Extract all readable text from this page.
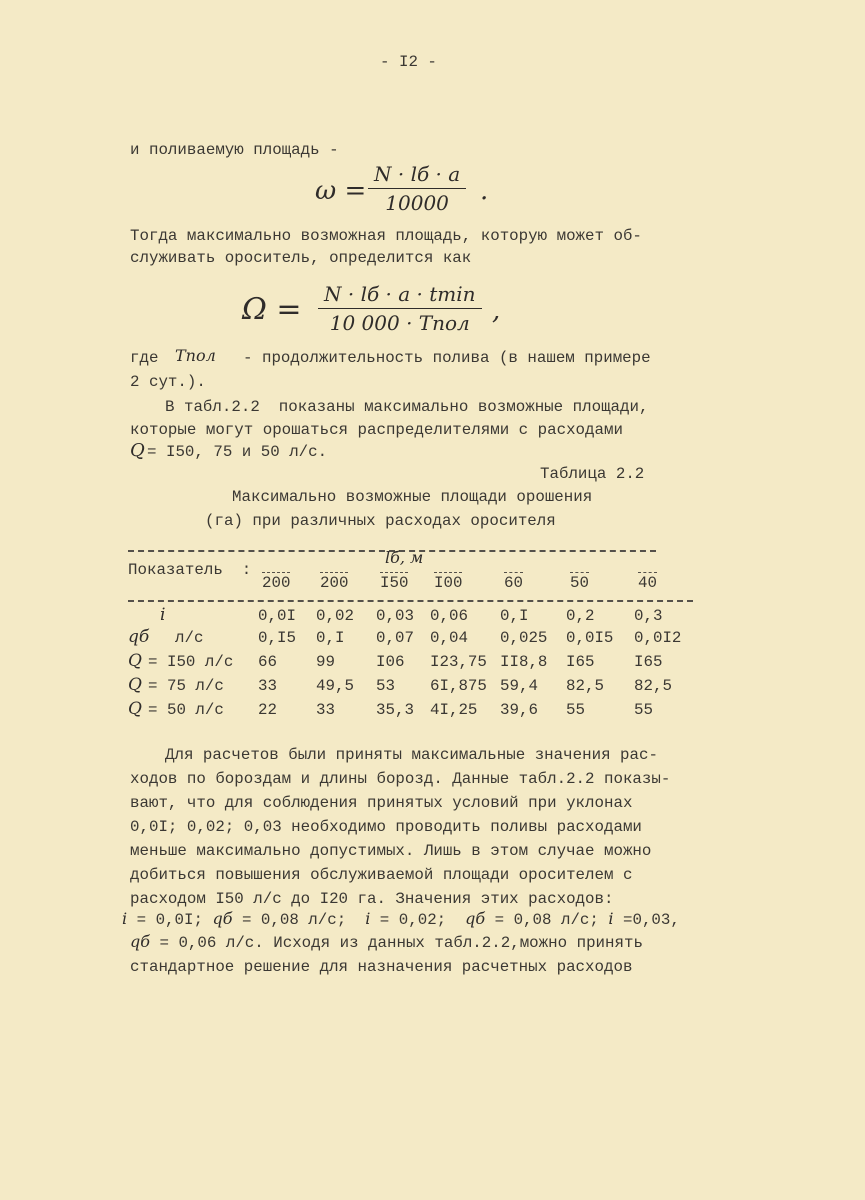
- I2 -
и поливаемую площадь -
ω =
N · lб · a
10000 .
Тогда максимально возможная площадь, которую может об-
служивать ороситель, определится как
Ω =	N · lб · a · tmin
10 000 · Tпол ,
где Tпол - продолжительность полива (в нашем примере
2 сут.).
В табл.2.2  показаны максимально возможные площади,
которые могут орошаться распределителями с расходами
Q = I50, 75 и 50 л/с.
Таблица 2.2
Максимально возможные площади орошения
(га) при различных расходах оросителя
Показатель  :
lб, м
200 200 I50 I00	60	50	40
i	0,0I 0,02 0,03 0,06 0,I 0,2	0,3
qб л/с	0,I5 0,I 0,07 0,04 0,025 0,0I5 0,0I2
Q = I50 л/с 66 99	I06 I23,75 II8,8 I65	I65
Q = 75 л/с 33 49,5 53 6I,875 59,4 82,5 82,5
Q = 50 л/с 22 33	35,3 4I,25 39,6 55	55
Для расчетов были приняты максимальные значения рас-
ходов по бороздам и длины борозд. Данные табл.2.2 показы-
вают, что для соблюдения принятых условий при уклонах
0,0I; 0,02; 0,03 необходимо проводить поливы расходами
меньше максимально допустимых. Лишь в этом случае можно
добиться повышения обслуживаемой площади оросителем с
расходом I50 л/с до I20 га. Значения этих расходов:
i = 0,0I; qб = 0,08 л/с;  i = 0,02;  qб = 0,08 л/с; i =0,03,
qб = 0,06 л/с. Исходя из данных табл.2.2,можно принять
стандартное решение для назначения расчетных расходов
